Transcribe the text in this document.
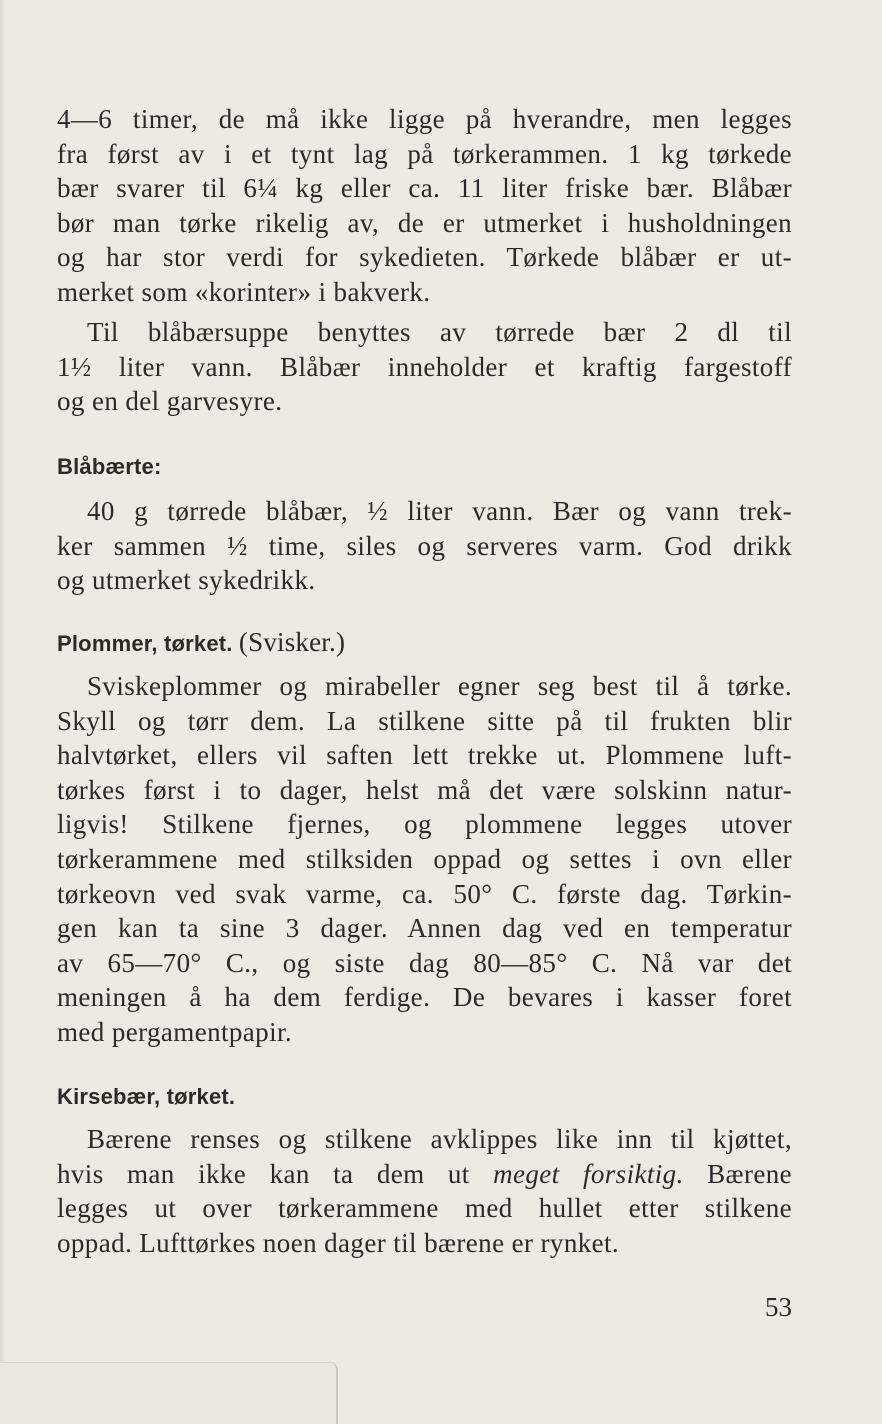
4—6 timer, de må ikke ligge på hverandre, men legges
fra først av i et tynt lag på tørkerammen. 1 kg tørkede
bær svarer til 6¼ kg eller ca. 11 liter friske bær. Blåbær
bør man tørke rikelig av, de er utmerket i husholdningen
og har stor verdi for sykedieten. Tørkede blåbær er ut-
merket som «korinter» i bakverk.
Til blåbærsuppe benyttes av tørrede bær 2 dl til
1½ liter vann. Blåbær inneholder et kraftig fargestoff
og en del garvesyre.
Blåbærte:
40 g tørrede blåbær, ½ liter vann. Bær og vann trek-
ker sammen ½ time, siles og serveres varm. God drikk
og utmerket sykedrikk.
Plommer, tørket. (Svisker.)
Sviskeplommer og mirabeller egner seg best til å tørke.
Skyll og tørr dem. La stilkene sitte på til frukten blir
halvtørket, ellers vil saften lett trekke ut. Plommene luft-
tørkes først i to dager, helst må det være solskinn natur-
ligvis! Stilkene fjernes, og plommene legges utover
tørkerammene med stilksiden oppad og settes i ovn eller
tørkeovn ved svak varme, ca. 50° C. første dag. Tørkin-
gen kan ta sine 3 dager. Annen dag ved en temperatur
av 65—70° C., og siste dag 80—85° C. Nå var det
meningen å ha dem ferdige. De bevares i kasser foret
med pergamentpapir.
Kirsebær, tørket.
Bærene renses og stilkene avklippes like inn til kjøttet,
hvis man ikke kan ta dem ut meget forsiktig. Bærene
legges ut over tørkerammene med hullet etter stilkene
oppad. Lufttørkes noen dager til bærene er rynket.
53
